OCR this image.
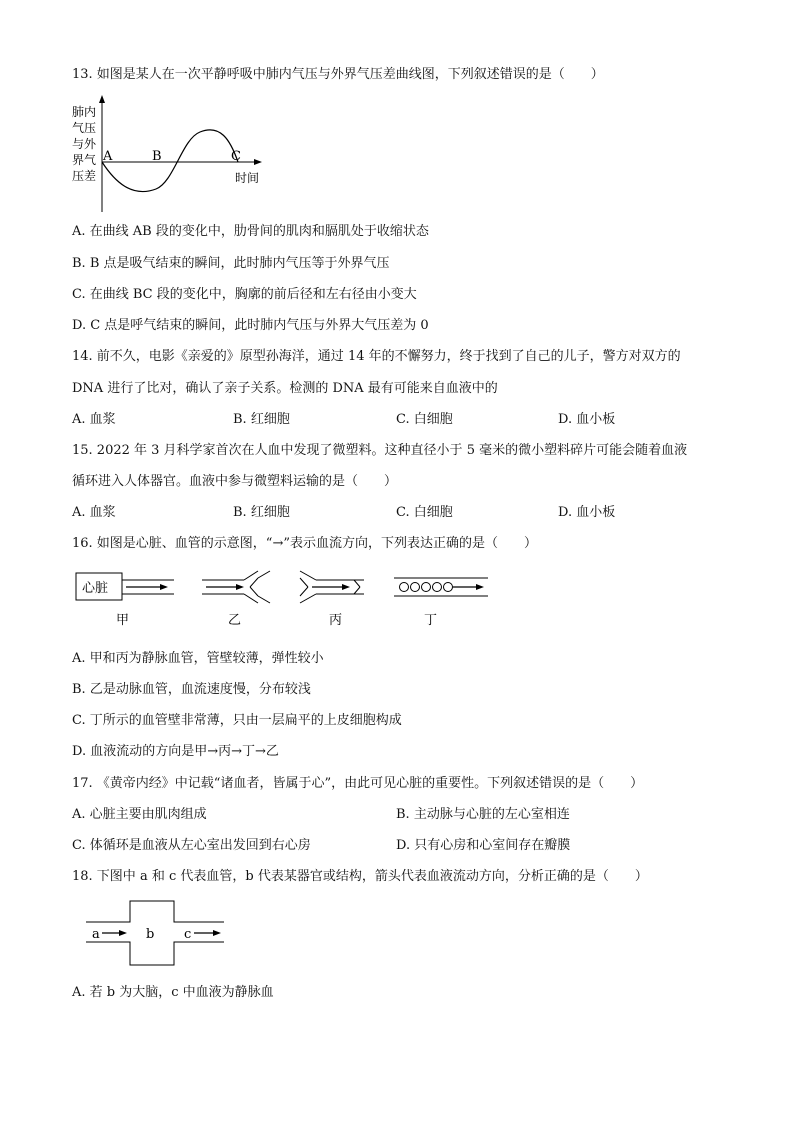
13. 如图是某人在一次平静呼吸中肺内气压与外界气压差曲线图，下列叙述错误的是（　　）
肺内
气压
与外
界气
压差
A	B	C
时间
A. 在曲线 AB 段的变化中，肋骨间的肌肉和膈肌处于收缩状态
B. B 点是吸气结束的瞬间，此时肺内气压等于外界气压
C. 在曲线 BC 段的变化中，胸廓的前后径和左右径由小变大
D. C 点是呼气结束的瞬间，此时肺内气压与外界大气压差为 0
14. 前不久，电影《亲爱的》原型孙海洋，通过 14 年的不懈努力，终于找到了自己的儿子，警方对双方的
DNA 进行了比对，确认了亲子关系。检测的 DNA 最有可能来自血液中的
A. 血浆	B. 红细胞	C. 白细胞	D. 血小板
15. 2022 年 3 月科学家首次在人血中发现了微塑料。这种直径小于 5 毫米的微小塑料碎片可能会随着血液
循环进入人体器官。血液中参与微塑料运输的是（　　）
A. 血浆	B. 红细胞	C. 白细胞	D. 血小板
16. 如图是心脏、血管的示意图，“→”表示血流方向，下列表达正确的是（　　）
心脏
甲	乙	丙	丁
A. 甲和丙为静脉血管，管壁较薄，弹性较小
B. 乙是动脉血管，血流速度慢，分布较浅
C. 丁所示的血管壁非常薄，只由一层扁平的上皮细胞构成
D. 血液流动的方向是甲→丙→丁→乙
17. 《黄帝内经》中记载“诸血者，皆属于心”，由此可见心脏的重要性。下列叙述错误的是（　　）
A. 心脏主要由肌肉组成	B. 主动脉与心脏的左心室相连
C. 体循环是血液从左心室出发回到右心房	D. 只有心房和心室间存在瓣膜
18. 下图中 a 和 c 代表血管，b 代表某器官或结构，箭头代表血液流动方向，分析正确的是（　　）
a	b c
A. 若 b 为大脑，c 中血液为静脉血
